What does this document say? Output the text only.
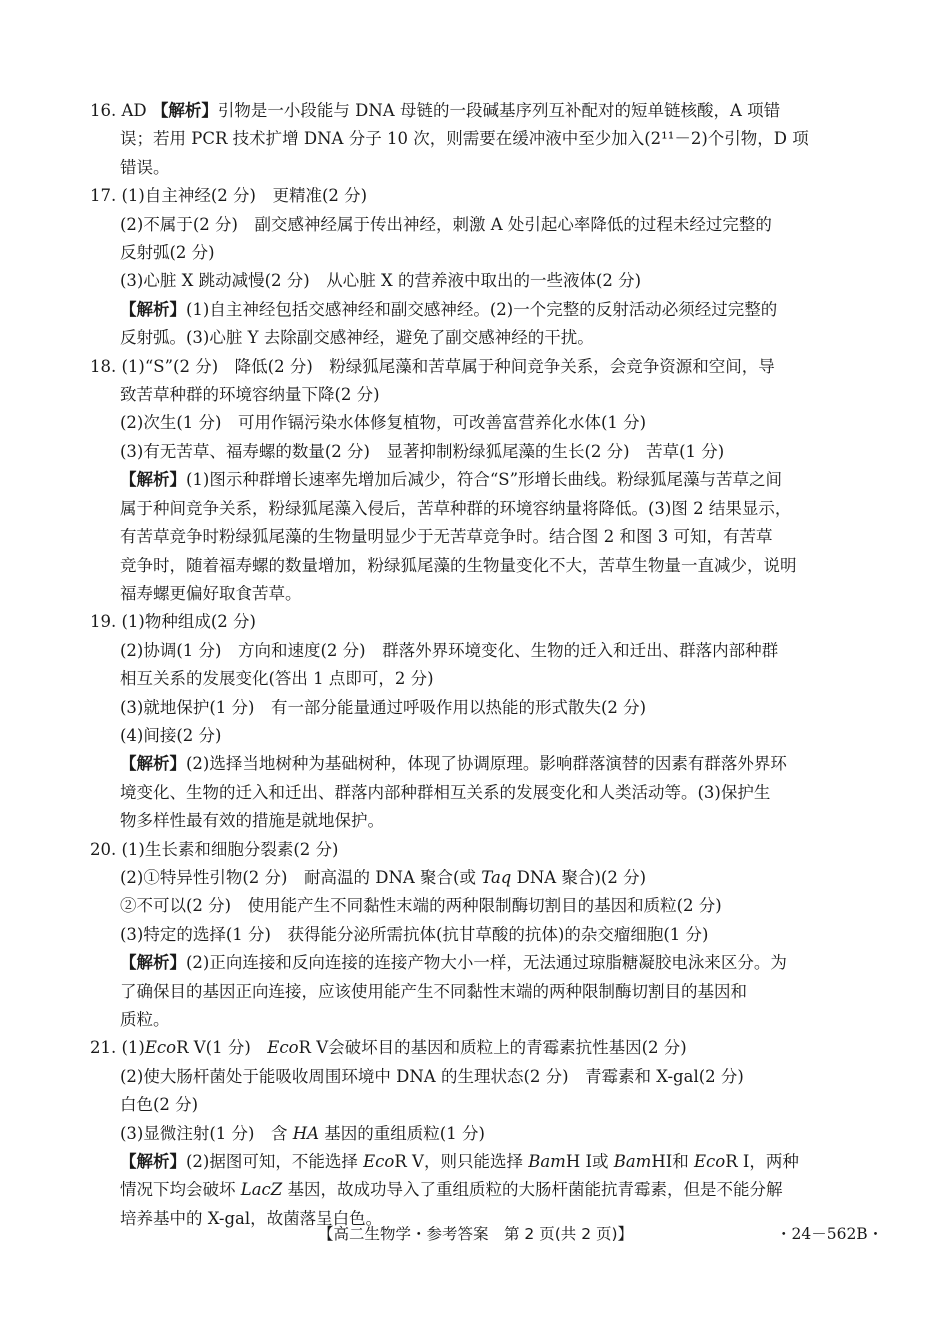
16. AD 【解析】引物是一小段能与 DNA 母链的一段碱基序列互补配对的短单链核酸，A 项错
误；若用 PCR 技术扩增 DNA 分子 10 次，则需要在缓冲液中至少加入(2¹¹－2)个引物，D 项
错误。
17. (1)自主神经(2 分)　更精准(2 分)
(2)不属于(2 分)　副交感神经属于传出神经，刺激 A 处引起心率降低的过程未经过完整的
反射弧(2 分)
(3)心脏 X 跳动减慢(2 分)　从心脏 X 的营养液中取出的一些液体(2 分)
【解析】(1)自主神经包括交感神经和副交感神经。(2)一个完整的反射活动必须经过完整的
反射弧。(3)心脏 Y 去除副交感神经，避免了副交感神经的干扰。
18. (1)“S”(2 分)　降低(2 分)　粉绿狐尾藻和苦草属于种间竞争关系，会竞争资源和空间，导
致苦草种群的环境容纳量下降(2 分)
(2)次生(1 分)　可用作镉污染水体修复植物，可改善富营养化水体(1 分)
(3)有无苦草、福寿螺的数量(2 分)　显著抑制粉绿狐尾藻的生长(2 分)　苦草(1 分)
【解析】(1)图示种群增长速率先增加后减少，符合“S”形增长曲线。粉绿狐尾藻与苦草之间
属于种间竞争关系，粉绿狐尾藻入侵后，苦草种群的环境容纳量将降低。(3)图 2 结果显示，
有苦草竞争时粉绿狐尾藻的生物量明显少于无苦草竞争时。结合图 2 和图 3 可知，有苦草
竞争时，随着福寿螺的数量增加，粉绿狐尾藻的生物量变化不大，苦草生物量一直减少，说明
福寿螺更偏好取食苦草。
19. (1)物种组成(2 分)
(2)协调(1 分)　方向和速度(2 分)　群落外界环境变化、生物的迁入和迁出、群落内部种群
相互关系的发展变化(答出 1 点即可，2 分)
(3)就地保护(1 分)　有一部分能量通过呼吸作用以热能的形式散失(2 分)
(4)间接(2 分)
【解析】(2)选择当地树种为基础树种，体现了协调原理。影响群落演替的因素有群落外界环
境变化、生物的迁入和迁出、群落内部种群相互关系的发展变化和人类活动等。(3)保护生
物多样性最有效的措施是就地保护。
20. (1)生长素和细胞分裂素(2 分)
(2)①特异性引物(2 分)　耐高温的 DNA 聚合(或 Taq DNA 聚合)(2 分)
②不可以(2 分)　使用能产生不同黏性末端的两种限制酶切割目的基因和质粒(2 分)
(3)特定的选择(1 分)　获得能分泌所需抗体(抗甘草酸的抗体)的杂交瘤细胞(1 分)
【解析】(2)正向连接和反向连接的连接产物大小一样，无法通过琼脂糖凝胶电泳来区分。为
了确保目的基因正向连接，应该使用能产生不同黏性末端的两种限制酶切割目的基因和
质粒。
21. (1)EcoR Ⅴ(1 分)　EcoR Ⅴ会破坏目的基因和质粒上的青霉素抗性基因(2 分)
(2)使大肠杆菌处于能吸收周围环境中 DNA 的生理状态(2 分)　青霉素和 X-gal(2 分)
白色(2 分)
(3)显微注射(1 分)　含 HA 基因的重组质粒(1 分)
【解析】(2)据图可知，不能选择 EcoR Ⅴ，则只能选择 BamH Ⅰ或 BamHⅠ和 EcoR Ⅰ，两种
情况下均会破坏 LacZ 基因，故成功导入了重组质粒的大肠杆菌能抗青霉素，但是不能分解
培养基中的 X-gal，故菌落呈白色。
【高二生物学・参考答案　第 2 页(共 2 页)】	・24－562B・
